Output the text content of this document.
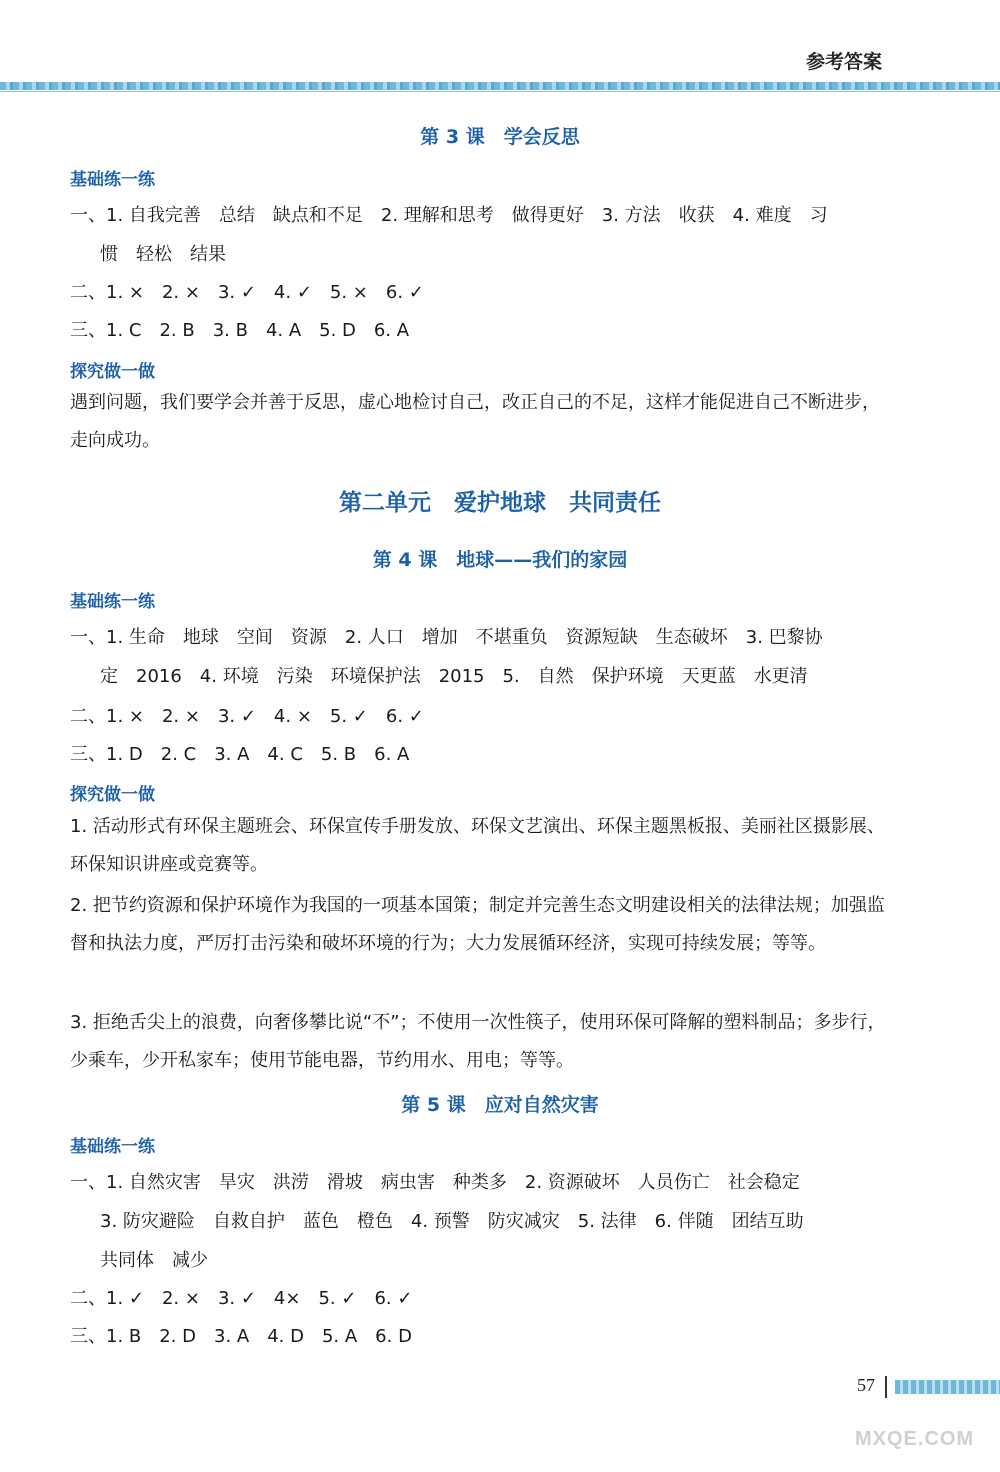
参考答案
第 3 课　学会反思
基础练一练
一、1. 自我完善　总结　缺点和不足　2. 理解和思考　做得更好　3. 方法　收获　4. 难度　习
惯　轻松　结果
二、1. ×　2. ×　3. ✓　4. ✓　5. ×　6. ✓
三、1. C　2. B　3. B　4. A　5. D　6. A
探究做一做
遇到问题，我们要学会并善于反思，虚心地检讨自己，改正自己的不足，这样才能促进自己不断进步，走向成功。
第二单元　爱护地球　共同责任
第 4 课　地球——我们的家园
基础练一练
一、1. 生命　地球　空间　资源　2. 人口　增加　不堪重负　资源短缺　生态破坏　3. 巴黎协
定　2016　4. 环境　污染　环境保护法　2015　5.　自然　保护环境　天更蓝　水更清
二、1. ×　2. ×　3. ✓　4. ×　5. ✓　6. ✓
三、1. D　2. C　3. A　4. C　5. B　6. A
探究做一做
1. 活动形式有环保主题班会、环保宣传手册发放、环保文艺演出、环保主题黑板报、美丽社区摄影展、环保知识讲座或竞赛等。
2. 把节约资源和保护环境作为我国的一项基本国策；制定并完善生态文明建设相关的法律法规；加强监督和执法力度，严厉打击污染和破坏环境的行为；大力发展循环经济，实现可持续发展；等等。
3. 拒绝舌尖上的浪费，向奢侈攀比说“不”；不使用一次性筷子，使用环保可降解的塑料制品；多步行，少乘车，少开私家车；使用节能电器，节约用水、用电；等等。
第 5 课　应对自然灾害
基础练一练
一、1. 自然灾害　旱灾　洪涝　滑坡　病虫害　种类多　2. 资源破坏　人员伤亡　社会稳定
3. 防灾避险　自救自护　蓝色　橙色　4. 预警　防灾减灾　5. 法律　6. 伴随　团结互助
共同体　减少
二、1. ✓　2. ×　3. ✓　4×　5. ✓　6. ✓
三、1. B　2. D　3. A　4. D　5. A　6. D
57
MXQE.COM
